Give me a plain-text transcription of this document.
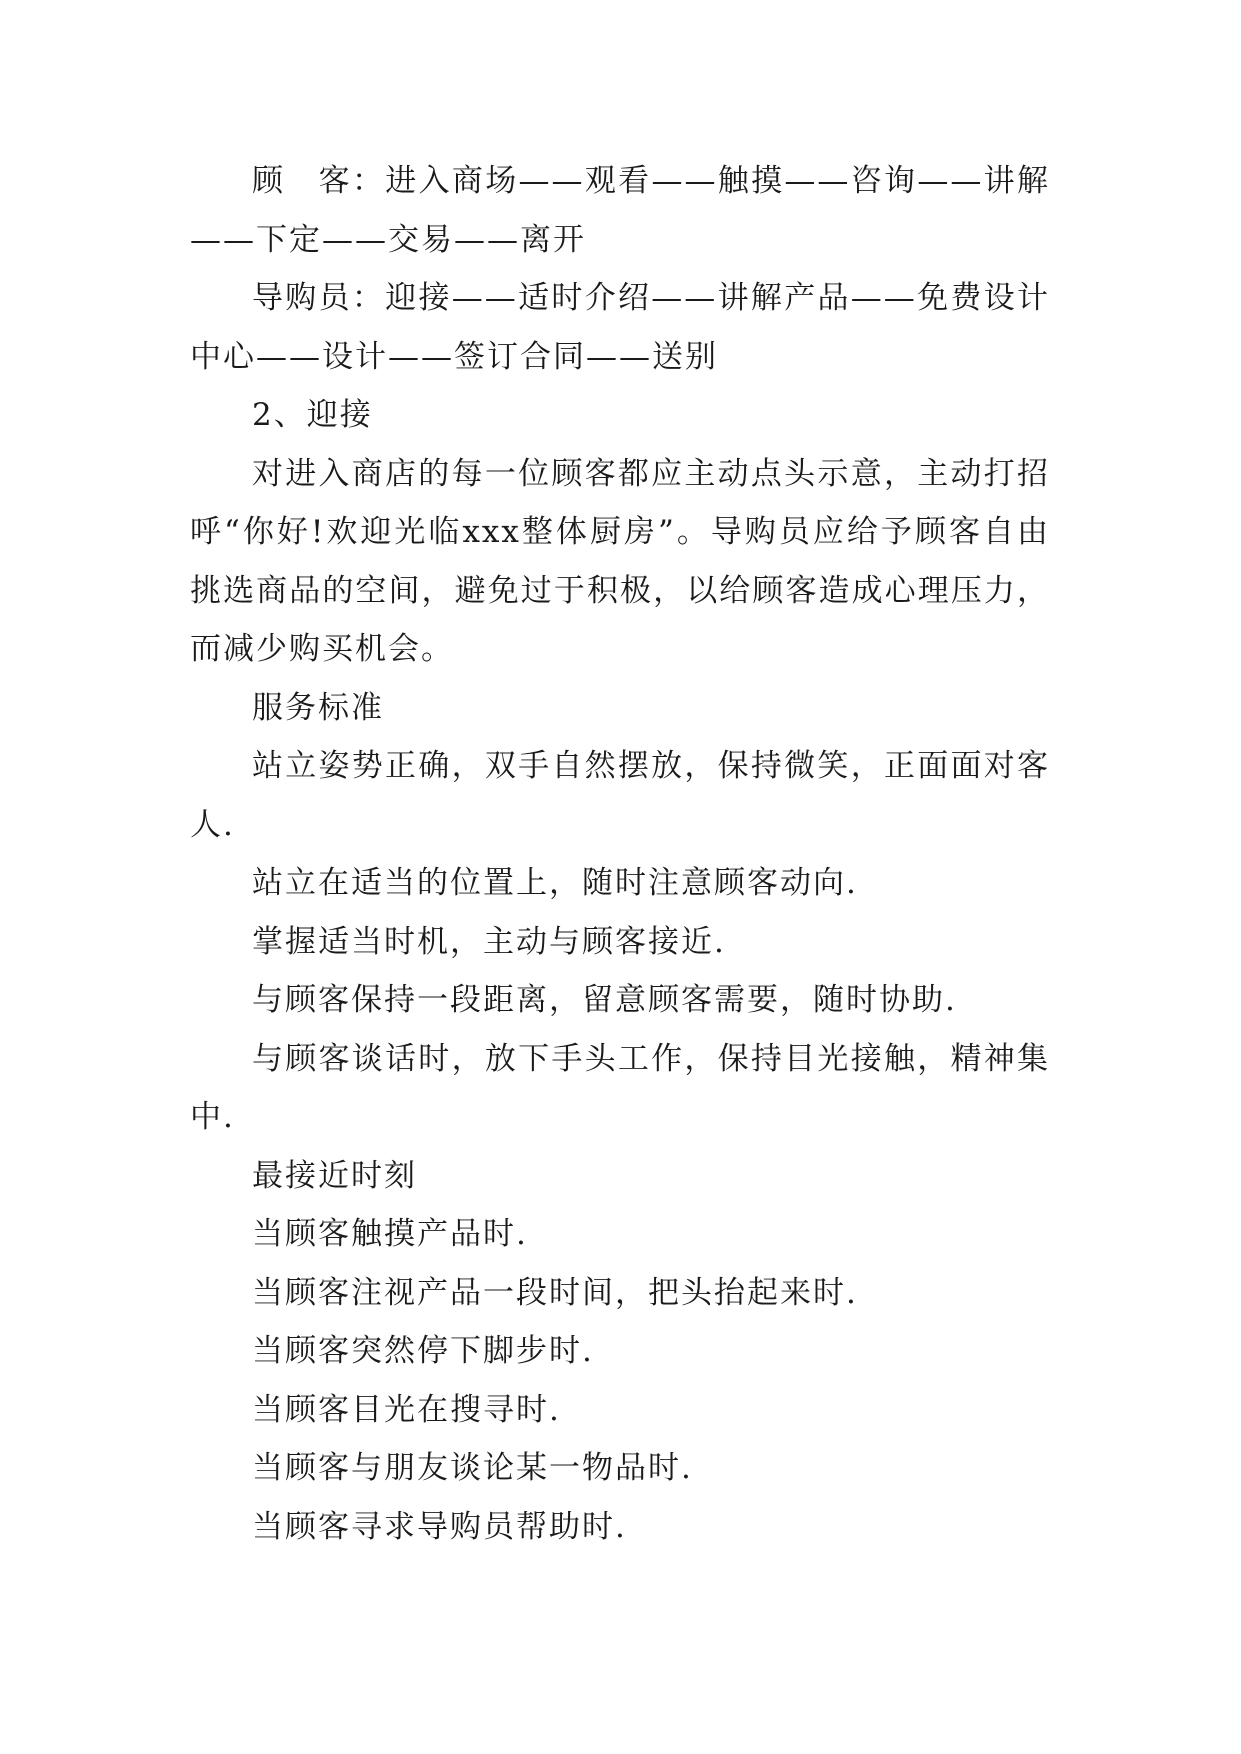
顾　客：进入商场——观看——触摸——咨询——讲解——下定——交易——离开

导购员：迎接——适时介绍——讲解产品——免费设计中心——设计——签订合同——送别

2、迎接

对进入商店的每一位顾客都应主动点头示意，主动打招呼“你好!欢迎光临xxx整体厨房”。导购员应给予顾客自由挑选商品的空间，避免过于积极，以给顾客造成心理压力，而减少购买机会。

服务标准

站立姿势正确，双手自然摆放，保持微笑，正面面对客人.

站立在适当的位置上，随时注意顾客动向.

掌握适当时机，主动与顾客接近.

与顾客保持一段距离，留意顾客需要，随时协助.

与顾客谈话时，放下手头工作，保持目光接触，精神集中.

最接近时刻

当顾客触摸产品时.

当顾客注视产品一段时间，把头抬起来时.

当顾客突然停下脚步时.

当顾客目光在搜寻时.

当顾客与朋友谈论某一物品时.

当顾客寻求导购员帮助时.
